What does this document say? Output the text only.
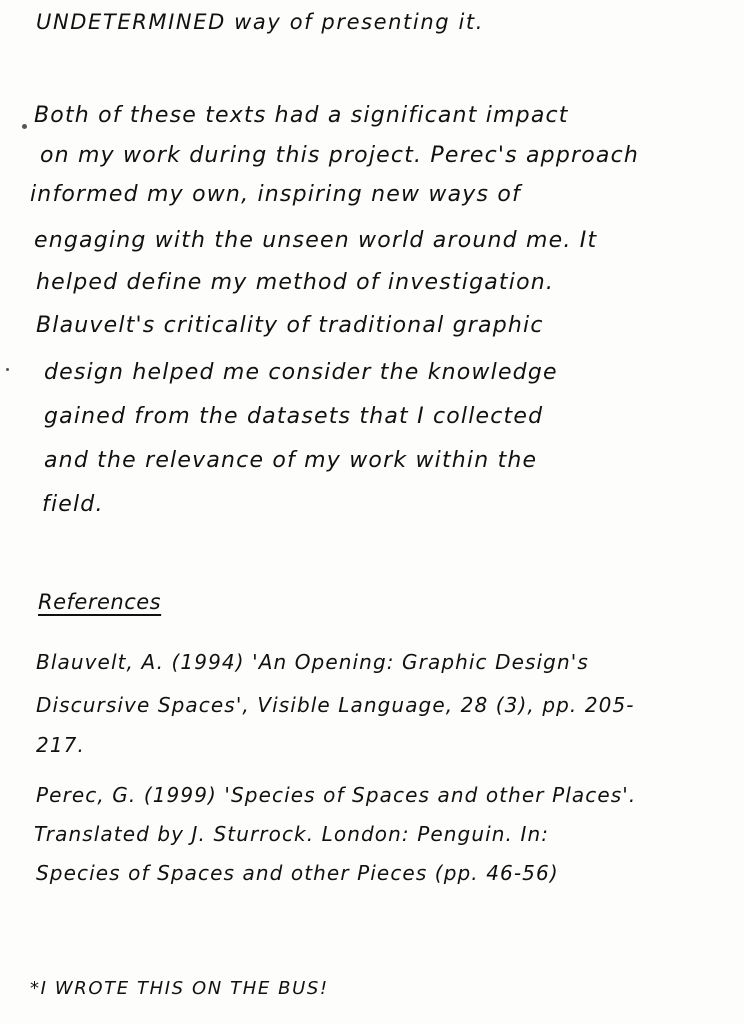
UNDETERMINED way of presenting it.
Both of these texts had a significant impact
on my work during this project. Perec's approach
informed my own, inspiring new ways of
engaging with the unseen world around me. It
helped define my method of investigation.
Blauvelt's criticality of traditional graphic
design helped me consider the knowledge
gained from the datasets that I collected
and the relevance of my work within the
field.
References
Blauvelt, A. (1994) 'An Opening: Graphic Design's
Discursive Spaces', Visible Language, 28 (3), pp. 205-
217.
Perec, G. (1999) 'Species of Spaces and other Places'.
Translated by J. Sturrock. London: Penguin. In:
Species of Spaces and other Pieces (pp. 46-56)
*I WROTE THIS ON THE BUS!
